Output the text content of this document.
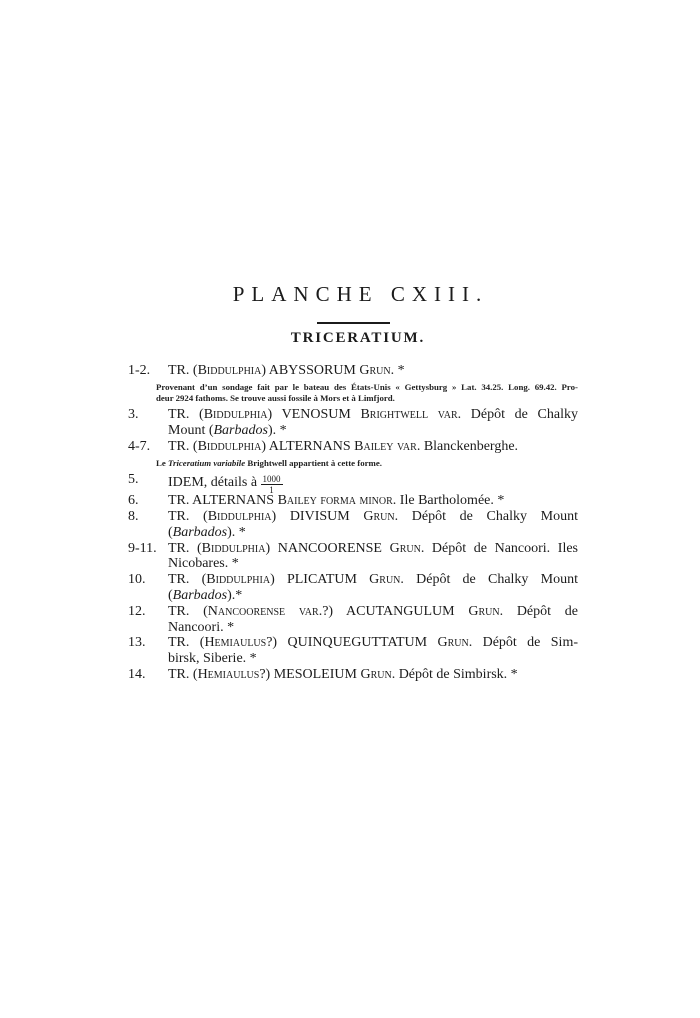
PLANCHE CXIII.
TRICERATIUM.
1-2.	TR. (Biddulphia) ABYSSORUM Grun. *
Provenant d’un sondage fait par le bateau des États-Unis « Gettysburg » Lat. 34.25. Long. 69.42. Pro-
deur 2924 fathoms. Se trouve aussi fossile à Mors et à Limfjord.
3.	TR. (Biddulphia) VENOSUM Brightwell var. Dépôt de Chalky
Mount (Barbados). *
4-7.	TR. (Biddulphia) ALTERNANS Bailey var. Blanckenberghe.
Le Triceratium variabile Brightwell appartient à cette forme.
5.	IDEM, détails à $\frac{1000}{1}$
6.	TR. ALTERNANS Bailey forma minor. Ile Bartholomée. *
8.	TR. (Biddulphia) DIVISUM Grun. Dépôt de Chalky Mount
(Barbados). *
9-11. TR. (Biddulphia) NANCOORENSE Grun. Dépôt de Nancoori. Iles
Nicobares. *
10.	TR. (Biddulphia) PLICATUM Grun. Dépôt de Chalky Mount
(Barbados).*
12.	TR. (Nancoorense var.?) ACUTANGULUM Grun. Dépôt de
Nancoori. *
13.	TR. (Hemiaulus?) QUINQUEGUTTATUM Grun. Dépôt de Sim-
birsk, Siberie. *
14.	TR. (Hemiaulus?) MESOLEIUM Grun. Dépôt de Simbirsk. *
